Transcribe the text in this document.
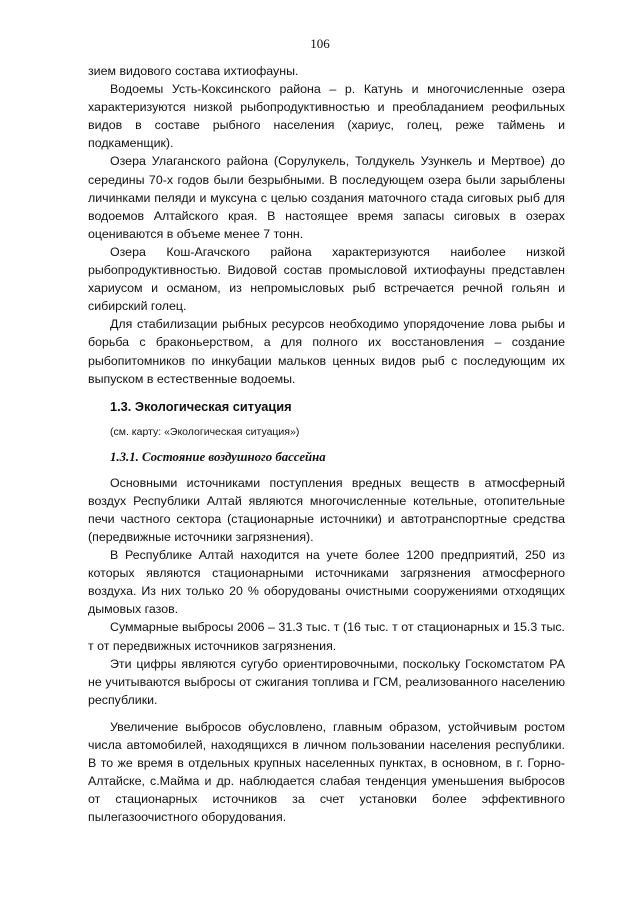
106

зием видового состава ихтиофауны.

Водоемы Усть-Коксинского района – р. Катунь и многочисленные озера характеризуются низкой рыбопродуктивностью и преобладанием реофильных видов в составе рыбного населения (хариус, голец, реже таймень и подкаменщик).

Озера Улаганского района (Сорулукель, Толдукель Узункель и Мертвое) до середины 70-х годов были безрыбными. В последующем озера были зарыблены личинками пеляди и муксуна с целью создания маточного стада сиговых рыб для водоемов Алтайского края. В настоящее время запасы сиговых в озерах оцениваются в объеме менее 7 тонн.

Озера Кош-Агачского района характеризуются наиболее низкой рыбопродуктивностью. Видовой состав промысловой ихтиофауны представлен хариусом и османом, из непромысловых рыб встречается речной гольян и сибирский голец.

Для стабилизации рыбных ресурсов необходимо упорядочение лова рыбы и борьба с браконьерством, а для полного их восстановления – создание рыбопитомников по инкубации мальков ценных видов рыб с последующим их выпуском в естественные водоемы.

1.3. Экологическая ситуация
(см. карту: «Экологическая ситуация»)
1.3.1. Состояние воздушного бассейна

Основными источниками поступления вредных веществ в атмосферный воздух Республики Алтай являются многочисленные котельные, отопительные печи частного сектора (стационарные источники) и автотранспортные средства (передвижные источники загрязнения).

В Республике Алтай находится на учете более 1200 предприятий, 250 из которых являются стационарными источниками загрязнения атмосферного воздуха. Из них только 20 % оборудованы очистными сооружениями отходящих дымовых газов.

Суммарные выбросы 2006 – 31.3 тыс. т (16 тыс. т от стационарных и 15.3 тыс. т от передвижных источников загрязнения.

Эти цифры являются сугубо ориентировочными, поскольку Госкомстатом РА не учитываются выбросы от сжигания топлива и ГСМ, реализованного населению республики.

Увеличение выбросов обусловлено, главным образом, устойчивым ростом числа автомобилей, находящихся в личном пользовании населения республики. В то же время в отдельных крупных населенных пунктах, в основном, в г. Горно-Алтайске, с.Майма и др. наблюдается слабая тенденция уменьшения выбросов от стационарных источников за счет установки более эффективного пылегазоочистного оборудования.
